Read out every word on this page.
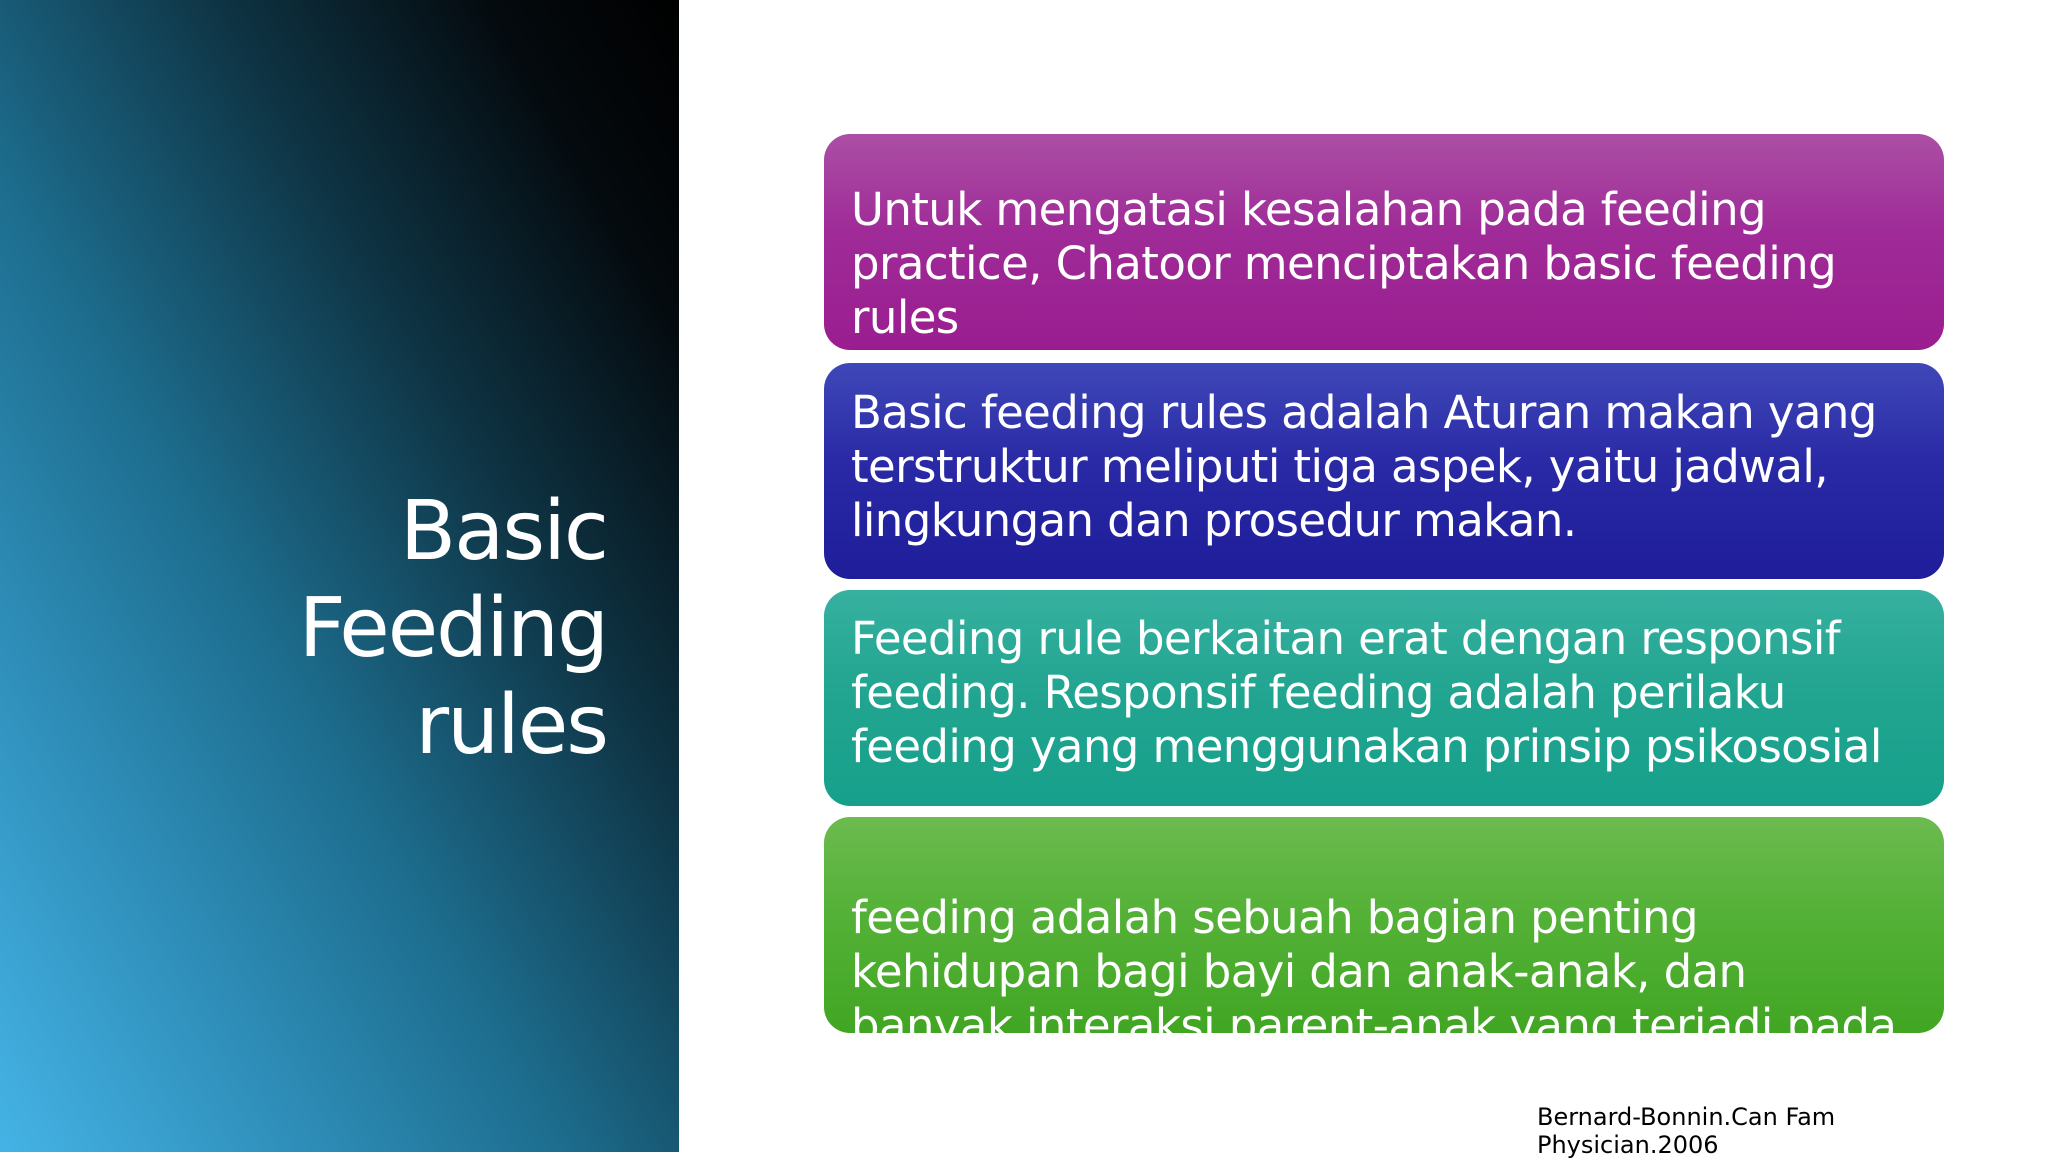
Basic
Feeding
rules

Untuk mengatasi kesalahan pada feeding practice, Chatoor menciptakan basic feeding rules

Basic feeding rules adalah Aturan makan yang terstruktur meliputi tiga aspek, yaitu jadwal, lingkungan dan prosedur makan.

Feeding rule berkaitan erat dengan responsif feeding. Responsif feeding adalah perilaku feeding yang menggunakan prinsip psikososial

feeding adalah sebuah bagian penting kehidupan bagi bayi dan anak-anak, dan banyak interaksi parent-anak yang terjadi pada saat

Bernard-Bonnin.Can Fam
Physician.2006
